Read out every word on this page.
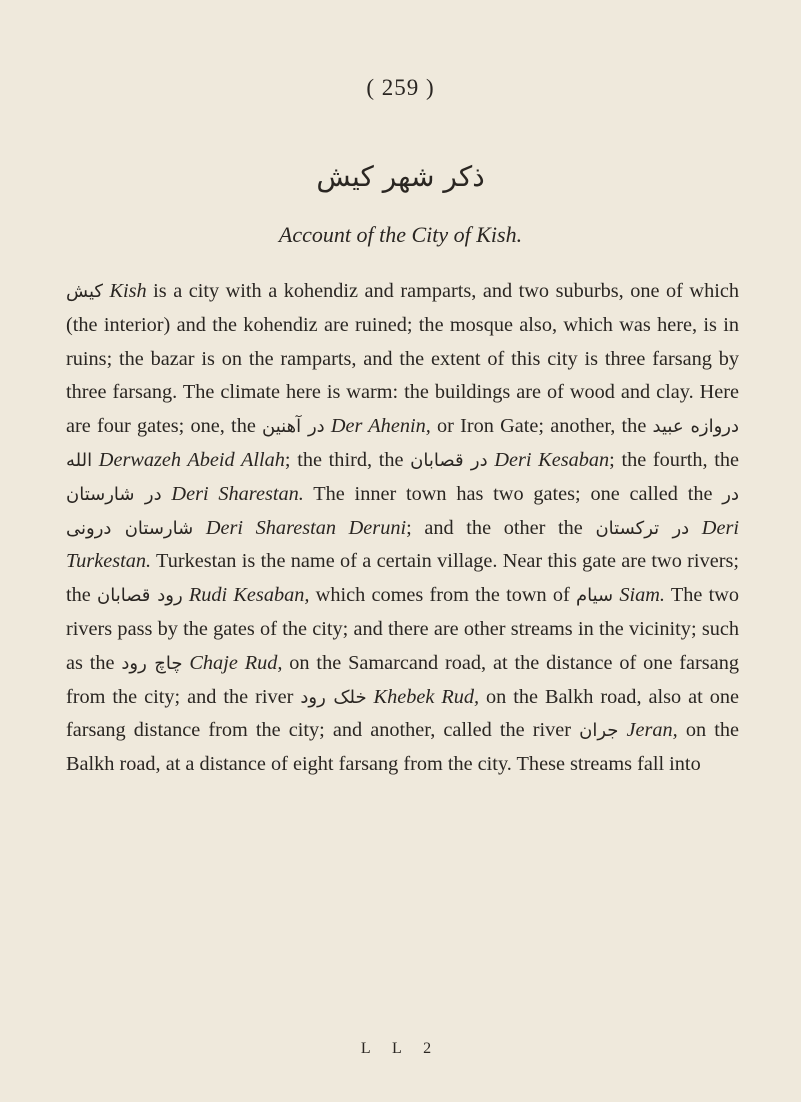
( 259 )
ذکر شهر کیش
Account of the City of Kish.

کیش Kish is a city with a kohendiz and ramparts, and two suburbs, one of which (the interior) and the kohendiz are ruined; the mosque also, which was here, is in ruins; the bazar is on the ramparts, and the extent of this city is three farsang by three farsang. The climate here is warm: the buildings are of wood and clay. Here are four gates; one, the در آهنین Der Ahenin, or Iron Gate; another, the دروازه عبید الله Derwazeh Abeid Allah; the third, the در قصابان Deri Kesaban; the fourth, the در شارستان Deri Sharestan. The inner town has two gates; one called the در شارستان درونی Deri Sharestan Deruni; and the other the در ترکستان Deri Turkestan. Turkestan is the name of a certain village. Near this gate are two rivers; the رود قصابان Rudi Kesaban, which comes from the town of سیام Siam. The two rivers pass by the gates of the city; and there are other streams in the vicinity; such as the چاچ رود Chaje Rud, on the Samarcand road, at the distance of one farsang from the city; and the river خلک رود Khebek Rud, on the Balkh road, also at one farsang distance from the city; and another, called the river جران Jeran, on the Balkh road, at a distance of eight farsang from the city. These streams fall into

L L 2
